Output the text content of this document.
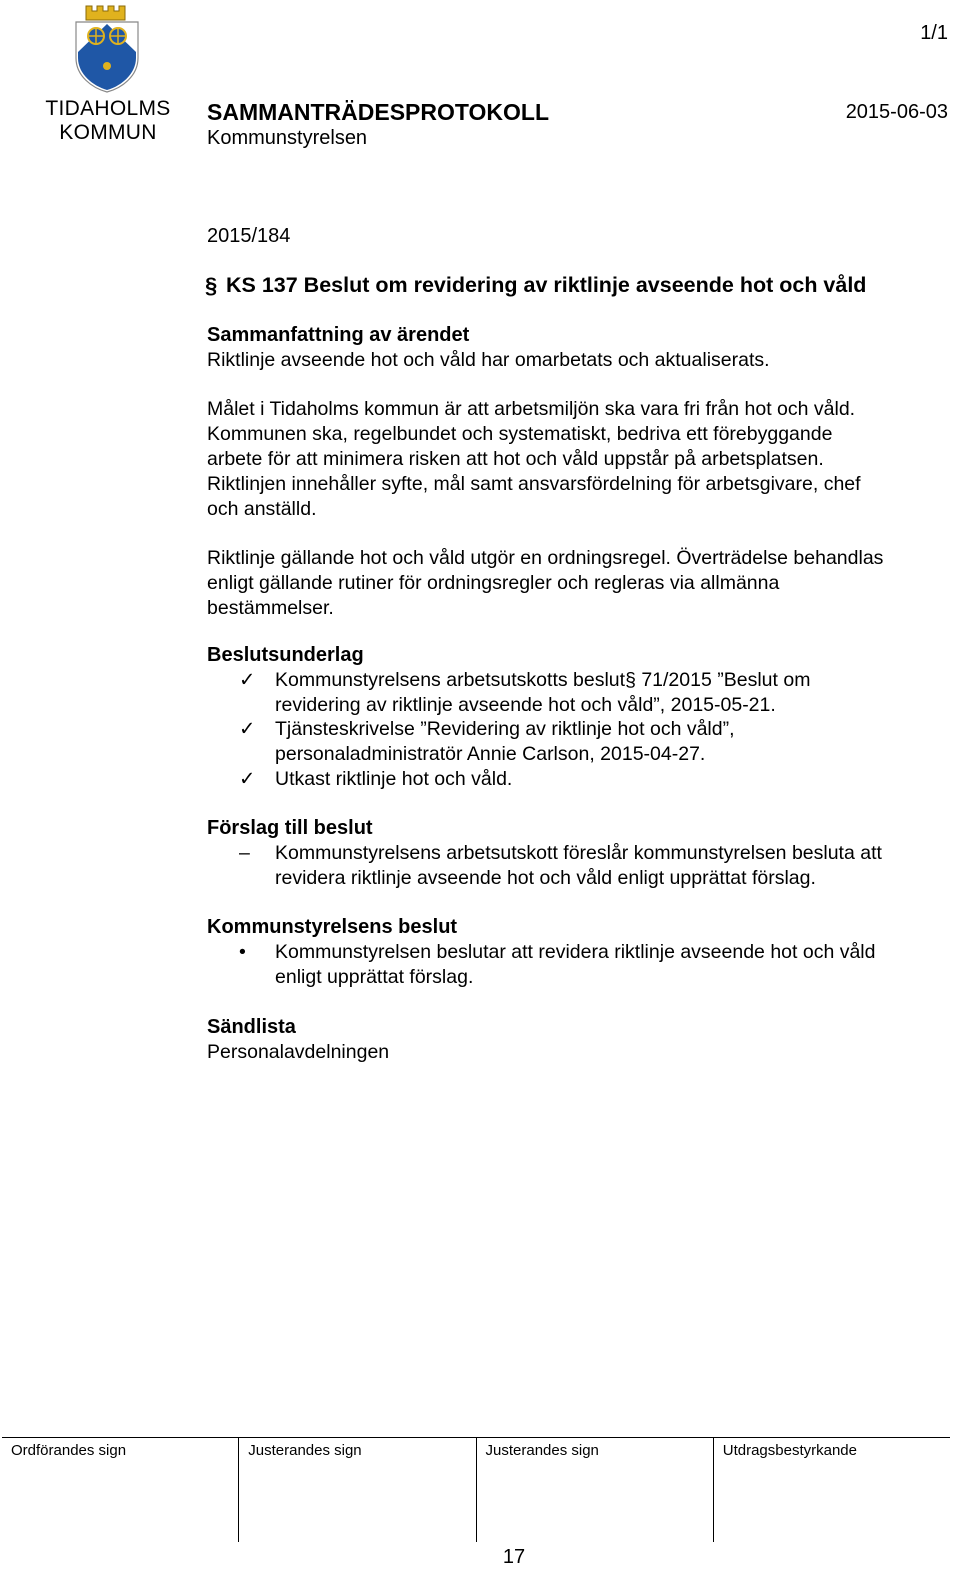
TIDAHOLMS
KOMMUN
1/1
SAMMANTRÄDESPROTOKOLL	2015-06-03
Kommunstyrelsen
2015/184
§ KS 137 Beslut om revidering av riktlinje avseende hot och våld
Sammanfattning av ärendet

Riktlinje avseende hot och våld har omarbetats och aktualiserats.

Målet i Tidaholms kommun är att arbetsmiljön ska vara fri från hot och våld.
Kommunen ska, regelbundet och systematiskt, bedriva ett förebyggande
arbete för att minimera risken att hot och våld uppstår på arbetsplatsen.
Riktlinjen innehåller syfte, mål samt ansvarsfördelning för arbetsgivare, chef
och anställd.
Riktlinje gällande hot och våld utgör en ordningsregel. Överträdelse behandlas
enligt gällande rutiner för ordningsregler och regleras via allmänna
bestämmelser.
Beslutsunderlag
✓	Kommunstyrelsens arbetsutskotts beslut§ 71/2015 ”Beslut om
revidering av riktlinje avseende hot och våld”, 2015-05-21.
✓	Tjänsteskrivelse ”Revidering av riktlinje hot och våld”,
personaladministratör Annie Carlson, 2015-04-27.
✓	Utkast riktlinje hot och våld.
Förslag till beslut
–	Kommunstyrelsens arbetsutskott föreslår kommunstyrelsen besluta att
revidera riktlinje avseende hot och våld enligt upprättat förslag.
Kommunstyrelsens beslut
•	Kommunstyrelsen beslutar att revidera riktlinje avseende hot och våld
enligt upprättat förslag.
Sändlista
Personalavdelningen
Ordförandes sign	Justerandes sign	Justerandes sign	Utdragsbestyrkande
17
